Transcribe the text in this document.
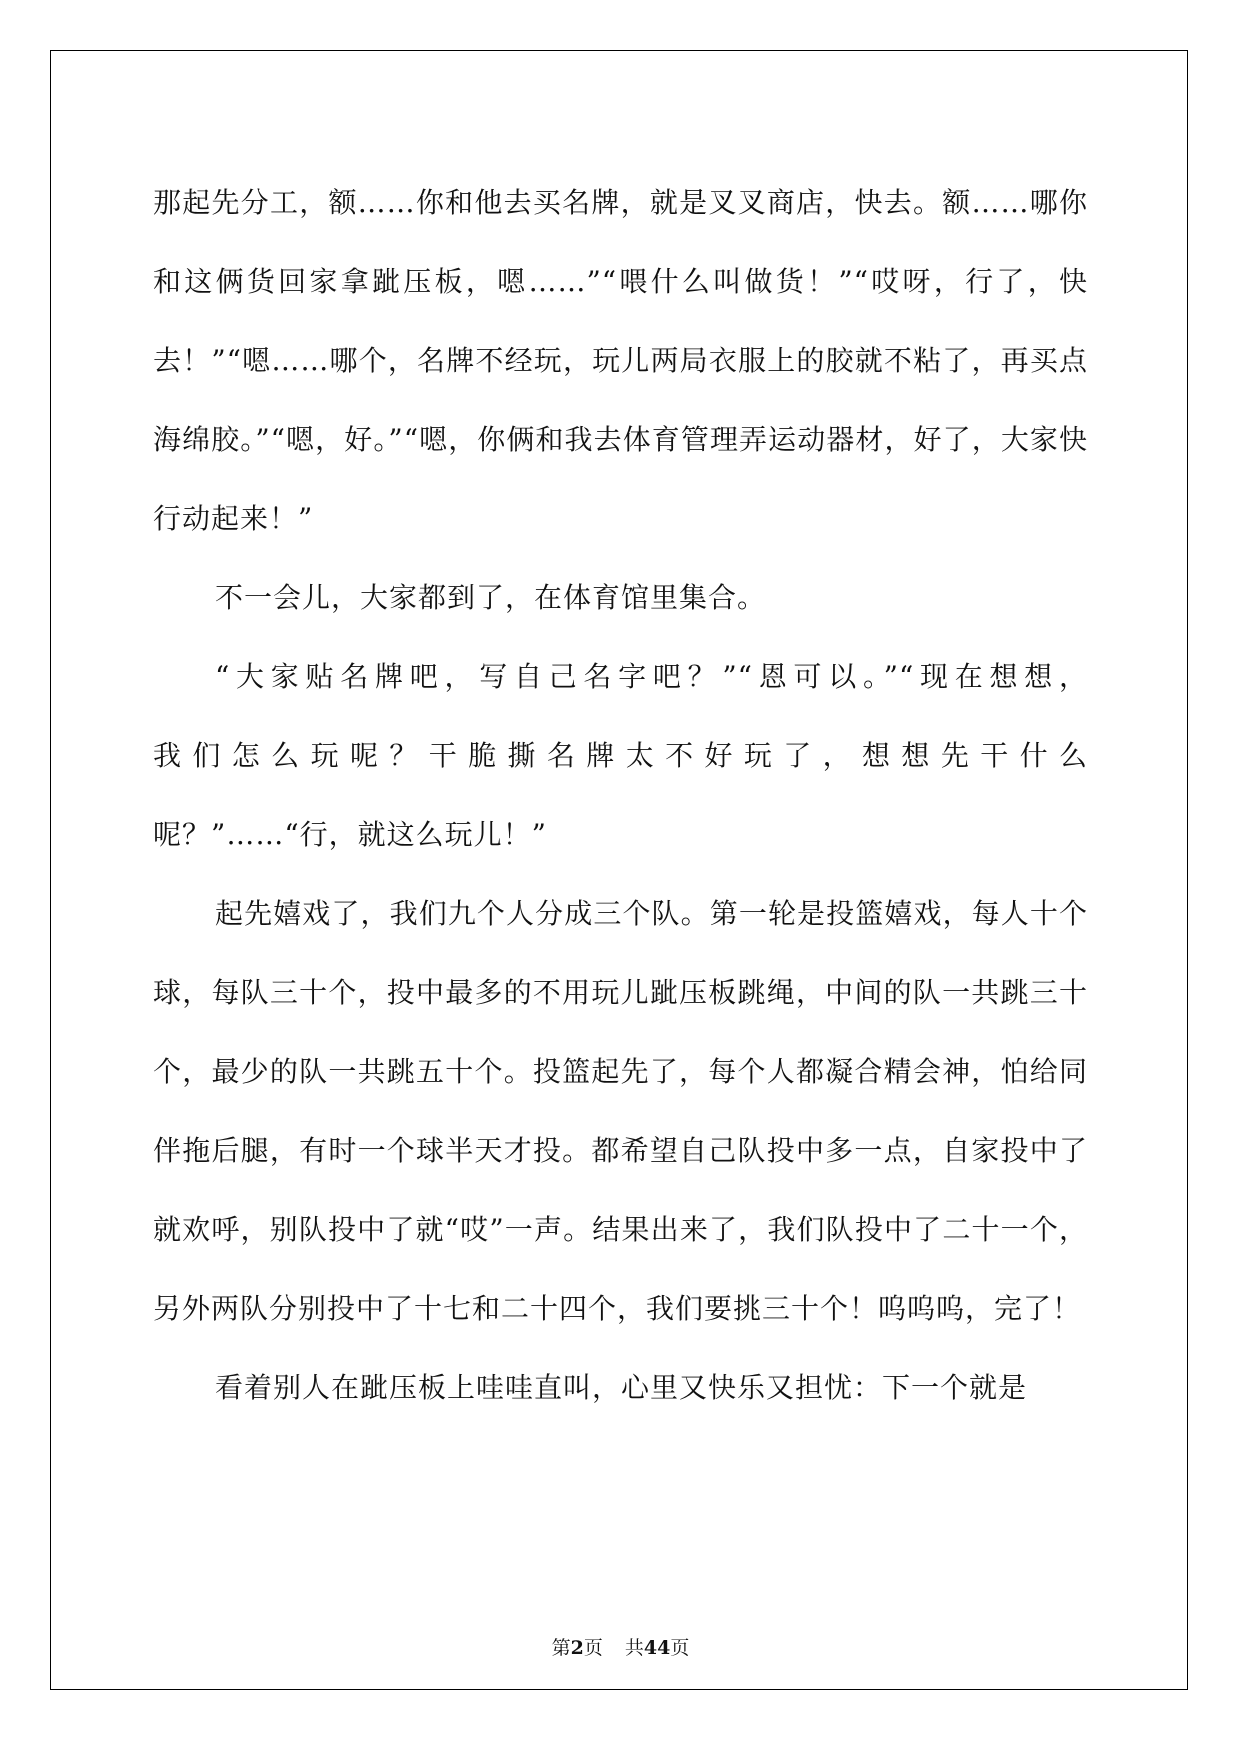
那起先分工，额……你和他去买名牌，就是叉叉商店，快去。额……哪你和这俩货回家拿跐压板，嗯……”“喂什么叫做货！”“哎呀，行了，快去！”“嗯……哪个，名牌不经玩，玩儿两局衣服上的胶就不粘了，再买点海绵胶。”“嗯，好。”“嗯，你俩和我去体育管理弄运动器材，好了，大家快行动起来！”

不一会儿，大家都到了，在体育馆里集合。

“大家贴名牌吧，写自己名字吧？”“恩可以。”“现在想想，

我们怎么玩呢？干脆撕名牌太不好玩了，想想先干什么

呢？”……“行，就这么玩儿！”

起先嬉戏了，我们九个人分成三个队。第一轮是投篮嬉戏，每人十个球，每队三十个，投中最多的不用玩儿跐压板跳绳，中间的队一共跳三十个，最少的队一共跳五十个。投篮起先了，每个人都凝合精会神，怕给同伴拖后腿，有时一个球半天才投。都希望自己队投中多一点，自家投中了就欢呼，别队投中了就“哎”一声。结果出来了，我们队投中了二十一个，另外两队分别投中了十七和二十四个，我们要挑三十个！呜呜呜，完了！

看着别人在跐压板上哇哇直叫，心里又快乐又担忧：下一个就是

第2页 共44页
